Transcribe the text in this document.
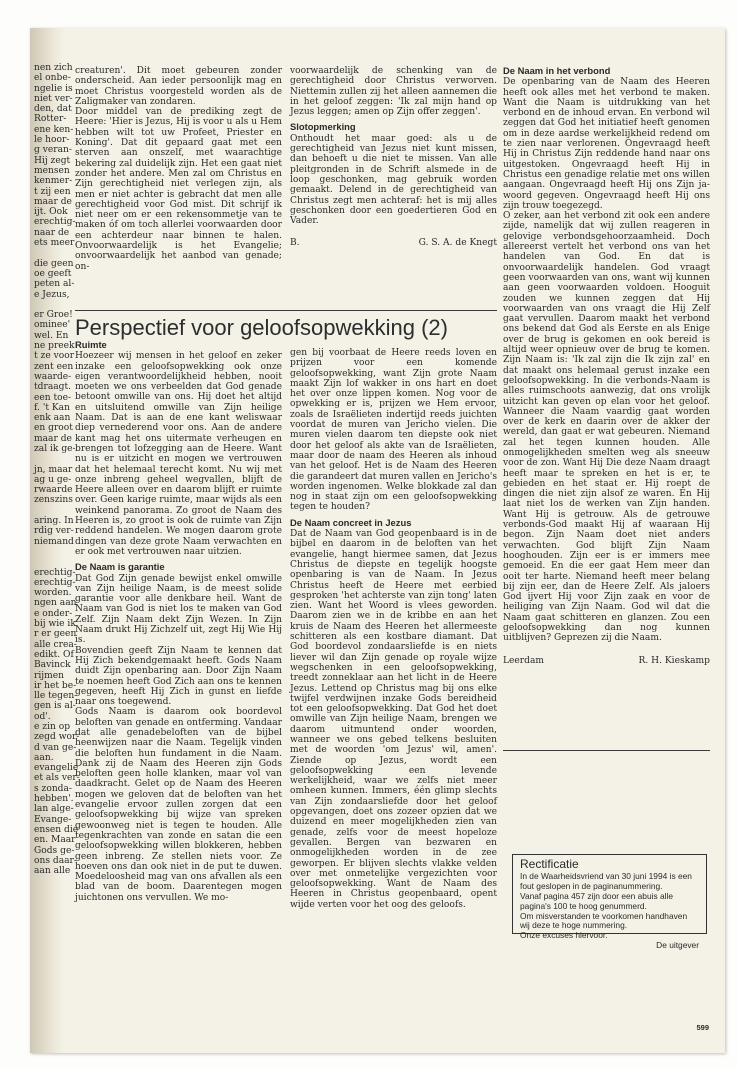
nen zich
el onbe-
ngelie is
niet ver-
den, dat
Rotter-
ene ken-
le hoor-
g veran-
Hij zegt
mensen
kenmer-
t zij een
maar de
ijt. Ook
erechtig-
naar de
ets meer

die geen
oe geeft
peten al-
e Jezus,

er Groe!
ominee'
wel. En
ne preek
t ze voor
zent een
waarde-
tdraagt.
een toe-
f. 't Kan
enk aan
en groot
maar de
zal ik ge-

jn, maar
ag u ge-
rwaarde
zenszins

aring. In
rdig ver-
niemand

erechtig-
erechtig-
worden.
ngen aan
e onder-
bij wie ik
r er geen
alle crea-
edikt. Of
Bavinck
rijmen
ir het be-
lle tegen-
gen is al-
od'.
e zin op
zegd wor-
d van ge-
aan.
evangelie
et als ver-
s zonda-
hebben'.
lan alge-
Evange-
ensen die
en. Maar
Gods ge-
ons daar-
aan alle

creaturen'. Dit moet gebeuren zonder onderscheid. Aan ieder persoonlijk mag en moet Christus voorgesteld worden als de Zaligmaker van zondaren.

Door middel van de prediking zegt de Heere: 'Hier is Jezus, Hij is voor u als u Hem hebben wilt tot uw Profeet, Priester en Koning'. Dat dit gepaard gaat met een sterven aan onszelf, met waarachtige bekering zal duidelijk zijn. Het een gaat niet zonder het andere. Men zal om Christus en Zijn gerechtigheid niet verlegen zijn, als men er niet achter is gebracht dat men alle gerechtigheid voor God mist. Dit schrijf ik niet neer om er een rekensommetje van te maken óf om toch allerlei voorwaarden door een achterdeur naar binnen te halen. Onvoorwaardelijk is het Evangelie; onvoorwaardelijk het aanbod van genade; on-

voorwaardelijk de schenking van de gerechtigheid door Christus verworven. Niettemin zullen zij het alleen aannemen die in het geloof zeggen: 'Ik zal mijn hand op Jezus leggen; amen op Zijn offer zeggen'.

Slotopmerking

Onthoudt het maar goed: als u de gerechtigheid van Jezus niet kunt missen, dan behoeft u die niet te missen. Van alle pleitgronden in de Schrift alsmede in de loop geschonken, mag gebruik worden gemaakt. Delend in de gerechtigheid van Christus zegt men achteraf: het is mij alles geschonken door een goedertieren God en Vader.

B.	G. S. A. de Knegt
Perspectief voor geloofsopwekking (2)
Ruimte

Hoezeer wij mensen in het geloof en zeker inzake een geloofsopwekking ook onze eigen verantwoordelijkheid hebben, nooit moeten we ons verbeelden dat God genade betoont omwille van ons. Hij doet het altijd en uitsluitend omwille van Zijn heilige Naam. Dat is aan de ene kant weliswaar diep vernederend voor ons. Aan de andere kant mag het ons uitermate verheugen en brengen tot lofzegging aan de Heere. Want nu is er uitzicht en mogen we vertrouwen dat het helemaal terecht komt. Nu wij met onze inbreng geheel wegvallen, blijft de Heere alleen over en daarom blijft er ruimte over. Geen karige ruimte, maar wijds als een weinkend panorama. Zo groot de Naam des Heeren is, zo groot is ook de ruimte van Zijn reddend handelen. We mogen daarom grote dingen van deze grote Naam verwachten en er ook met vertrouwen naar uitzien.

De Naam is garantie

Dat God Zijn genade bewijst enkel omwille van Zijn heilige Naam, is de meest solide garantie voor alle denkbare heil. Want de Naam van God is niet los te maken van God Zelf. Zijn Naam dekt Zijn Wezen. In Zijn Naam drukt Hij Zichzelf uit, zegt Hij Wie Hij is.

Bovendien geeft Zijn Naam te kennen dat Hij Zich bekendgemaakt heeft. Gods Naam duidt Zijn openbaring aan. Door Zijn Naam te noemen heeft God Zich aan ons te kennen gegeven, heeft Hij Zich in gunst en liefde naar ons toegewend.

Gods Naam is daarom ook boordevol beloften van genade en ontferming. Vandaar dat alle genadebeloften van de bijbel heenwijzen naar die Naam. Tegelijk vinden die beloften hun fundament in die Naam. Dank zij de Naam des Heeren zijn Gods beloften geen holle klanken, maar vol van daadkracht. Gelet op de Naam des Heeren mogen we geloven dat de beloften van het evangelie ervoor zullen zorgen dat een geloofsopwekking bij wijze van spreken gewoonweg niet is tegen te houden. Alle tegenkrachten van zonde en satan die een geloofsopwekking willen blokkeren, hebben geen inbreng. Ze stellen niets voor. Ze hoeven ons dan ook niet in de put te duwen. Moedeloosheid mag van ons afvallen als een blad van de boom. Daarentegen mogen juichtonen ons vervullen. We mo-

gen bij voorbaat de Heere reeds loven en prijzen voor een komende geloofsopwekking, want Zijn grote Naam maakt Zijn lof wakker in ons hart en doet het over onze lippen komen. Nog voor de opwekking er is, prijzen we Hem ervoor, zoals de Israëlieten indertijd reeds juichten voordat de muren van Jericho vielen. Die muren vielen daarom ten diepste ook niet door het geloof als akte van de Israëlieten, maar door de naam des Heeren als inhoud van het geloof. Het is de Naam des Heeren die garandeert dat muren vallen en Jericho's worden ingenomen. Welke blokkade zal dan nog in staat zijn om een geloofsopwekking tegen te houden?

De Naam concreet in Jezus

Dat de Naam van God geopenbaard is in de bijbel en daarom in de beloften van het evangelie, hangt hiermee samen, dat Jezus Christus de diepste en tegelijk hoogste openbaring is van de Naam. In Jezus Christus heeft de Heere met eerbied gesproken 'het achterste van zijn tong' laten zien. Want het Woord is vlees geworden. Daarom zien we in de kribbe en aan het kruis de Naam des Heeren het allermeeste schitteren als een kostbare diamant. Dat God boordevol zondaarsliefde is en niets liever wil dan Zijn genade op royale wijze wegschenken in een geloofsopwekking, treedt zonneklaar aan het licht in de Heere Jezus. Lettend op Christus mag bij ons elke twijfel verdwijnen inzake Gods bereidheid tot een geloofsopwekking. Dat God het doet omwille van Zijn heilige Naam, brengen we daarom uitmuntend onder woorden, wanneer we ons gebed telkens besluiten met de woorden 'om Jezus' wil, amen'. Ziende op Jezus, wordt een geloofsopwekking een levende werkelijkheid, waar we zelfs niet meer omheen kunnen. Immers, één glimp slechts van Zijn zondaarsliefde door het geloof opgevangen, doet ons zozeer opzien dat we duizend en meer mogelijkheden zien van genade, zelfs voor de meest hopeloze gevallen. Bergen van bezwaren en onmogelijkheden worden in de zee geworpen. Er blijven slechts vlakke velden over met onmetelijke vergezichten voor geloofsopwekking. Want de Naam des Heeren in Christus geopenbaard, opent wijde verten voor het oog des geloofs.

De Naam in het verbond

De openbaring van de Naam des Heeren heeft ook alles met het verbond te maken. Want die Naam is uitdrukking van het verbond en de inhoud ervan. En verbond wil zeggen dat God het initiatief heeft genomen om in deze aardse werkelijkheid redend om te zien naar verlorenen. Ongevraagd heeft Hij in Christus Zijn reddende hand naar ons uitgestoken. Ongevraagd heeft Hij in Christus een genadige relatie met ons willen aangaan. Ongevraagd heeft Hij ons Zijn ja-woord gegeven. Ongevraagd heeft Hij ons zijn trouw toegezegd.

O zeker, aan het verbond zit ook een andere zijde, namelijk dat wij zullen reageren in gelovige verbondsgehoorzaamheid. Doch allereerst vertelt het verbond ons van het handelen van God. En dat is onvoorwaardelijk handelen. God vraagt geen voorwaarden van ons, want wij kunnen aan geen voorwaarden voldoen. Hooguit zouden we kunnen zeggen dat Hij voorwaarden van ons vraagt die Hij Zelf gaat vervullen. Daarom maakt het verbond ons bekend dat God als Eerste en als Enige over de brug is gekomen en ook bereid is altijd weer opnieuw over de brug te komen. Zijn Naam is: 'Ik zal zijn die Ik zijn zal' en dat maakt ons helemaal gerust inzake een geloofsopwekking. In die verbonds-Naam is alles ruimschoots aanwezig, dat ons vrolijk uitzicht kan geven op elan voor het geloof. Wanneer die Naam vaardig gaat worden over de kerk en daarin over de akker der wereld, dan gaat er wat gebeuren. Niemand zal het tegen kunnen houden. Alle onmogelijkheden smelten weg als sneeuw voor de zon. Want Hij Die deze Naam draagt heeft maar te spreken en het is er, te gebieden en het staat er. Hij roept de dingen die niet zijn alsof ze waren. En Hij laat niet los de werken van Zijn handen. Want Hij is getrouw. Als de getrouwe verbonds-God maakt Hij af waaraan Hij begon. Zijn Naam doet niet anders verwachten. God blijft Zijn Naam hooghouden. Zijn eer is er immers mee gemoeid. En die eer gaat Hem meer dan ooit ter harte. Niemand heeft meer belang bij zijn eer, dan de Heere Zelf. Als jaloers God ijvert Hij voor Zijn zaak en voor de heiliging van Zijn Naam. God wil dat die Naam gaat schitteren en glanzen. Zou een geloofsopwekking dan nog kunnen uitblijven? Geprezen zij die Naam.

Leerdam	R. H. Kieskamp
Rectificatie

In de Waarheidsvriend van 30 juni 1994 is een fout geslopen in de paginanummering.

Vanaf pagina 457 zijn door een abuis alle pagina's 100 te hoog genummerd.

Om misverstanden te voorkomen handhaven wij deze te hoge nummering.

Onze excuses hiervoor.

De uitgever

599
